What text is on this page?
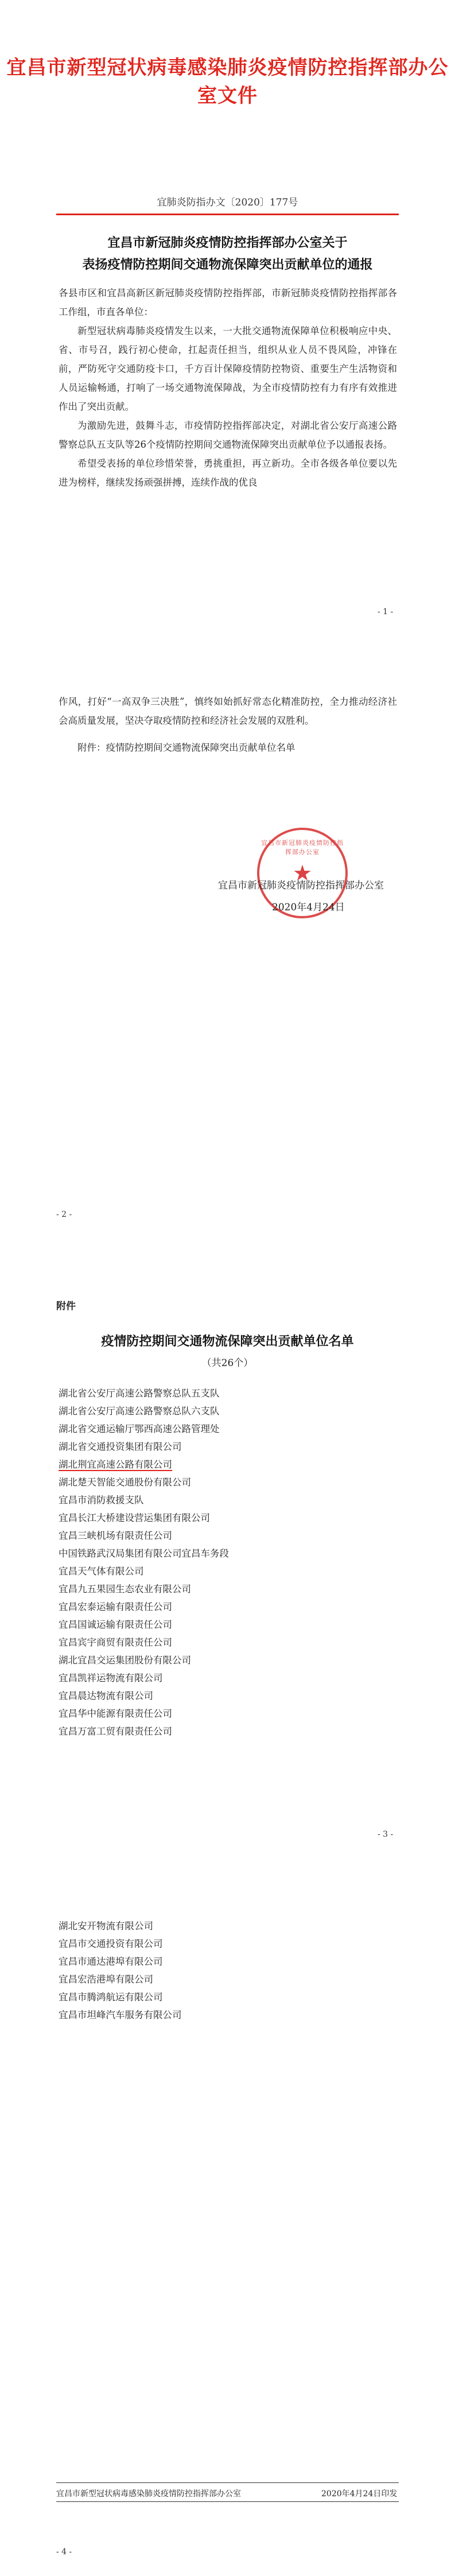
宜昌市新型冠状病毒感染肺炎疫情防控指挥部办公室文件
宜肺炎防指办文〔2020〕177号
宜昌市新冠肺炎疫情防控指挥部办公室关于
表扬疫情防控期间交通物流保障突出贡献单位的通报

各县市区和宜昌高新区新冠肺炎疫情防控指挥部，市新冠肺炎疫情防控指挥部各工作组，市直各单位：

新型冠状病毒肺炎疫情发生以来，一大批交通物流保障单位积极响应中央、省、市号召，践行初心使命，扛起责任担当，组织从业人员不畏风险，冲锋在前，严防死守交通防疫卡口，千方百计保障疫情防控物资、重要生产生活物资和人员运输畅通，打响了一场交通物流保障战，为全市疫情防控有力有序有效推进作出了突出贡献。

为激励先进，鼓舞斗志，市疫情防控指挥部决定，对湖北省公安厅高速公路警察总队五支队等26个疫情防控期间交通物流保障突出贡献单位予以通报表扬。

希望受表扬的单位珍惜荣誉，勇挑重担，再立新功。全市各级各单位要以先进为榜样，继续发扬顽强拼搏，连续作战的优良

- 1 -

作风，打好“一高双争三决胜”，慎终如始抓好常态化精准防控，全力推动经济社会高质量发展，坚决夺取疫情防控和经济社会发展的双胜利。

附件：疫情防控期间交通物流保障突出贡献单位名单

宜昌市新冠肺炎疫情防控指挥部办公室
★
宜昌市新冠肺炎疫情防控指挥部办公室
2020年4月24日
- 2 -
附件
疫情防控期间交通物流保障突出贡献单位名单
（共26个）
湖北省公安厅高速公路警察总队五支队
湖北省公安厅高速公路警察总队六支队
湖北省交通运输厅鄂西高速公路管理处
湖北省交通投资集团有限公司
湖北荆宜高速公路有限公司
湖北楚天智能交通股份有限公司
宜昌市消防救援支队
宜昌长江大桥建设营运集团有限公司
宜昌三峡机场有限责任公司
中国铁路武汉局集团有限公司宜昌车务段
宜昌天气体有限公司
宜昌九五果园生态农业有限公司
宜昌宏泰运输有限责任公司
宜昌国诚运输有限责任公司
宜昌宾宇商贸有限责任公司
湖北宜昌交运集团股份有限公司
宜昌凯祥运物流有限公司
宜昌晨达物流有限公司
宜昌华中能源有限责任公司
宜昌万富工贸有限责任公司
- 3 -
湖北安开物流有限公司
宜昌市交通投资有限公司
宜昌市通达港埠有限公司
宜昌宏浩港埠有限公司
宜昌市腾鸿航运有限公司
宜昌市坦峰汽车服务有限公司
宜昌市新型冠状病毒感染肺炎疫情防控指挥部办公室	2020年4月24日印发
- 4 -
